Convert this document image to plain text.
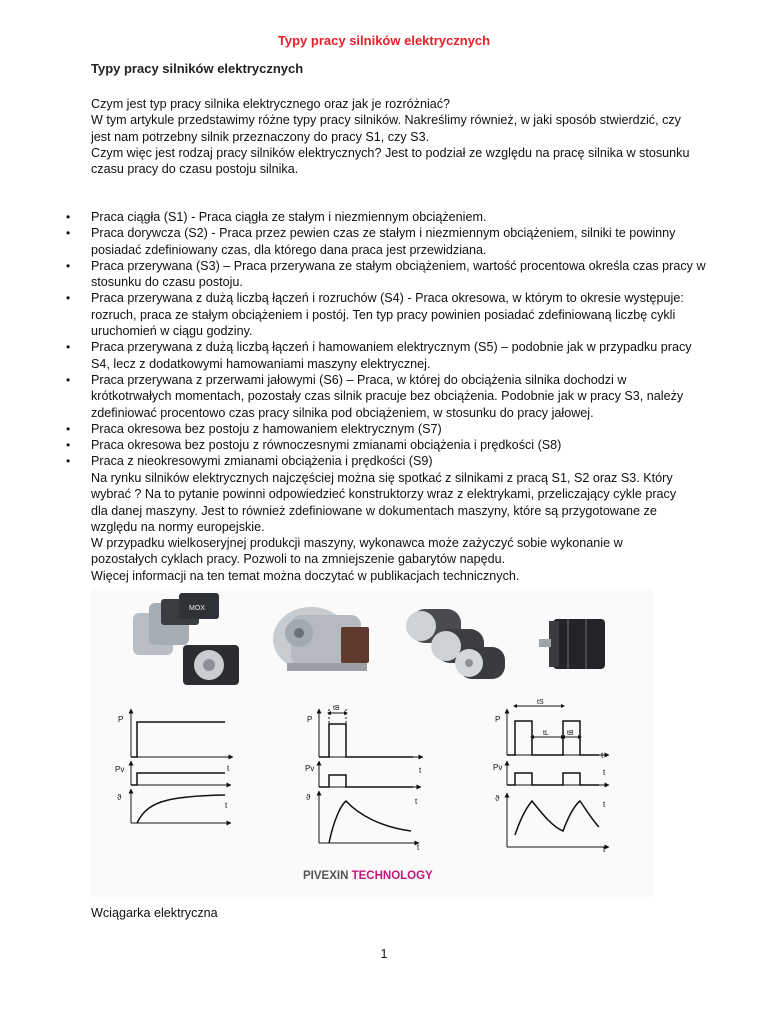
Typy pracy silników elektrycznych
Typy pracy silników elektrycznych

Czym jest typ pracy silnika elektrycznego oraz jak je rozróżniać?

W tym artykule przedstawimy różne typy pracy silników. Nakreślimy również, w jaki sposób stwierdzić, czy jest nam potrzebny silnik przeznaczony do pracy S1, czy S3.

Czym więc jest rodzaj pracy silników elektrycznych? Jest to podział ze względu na pracę silnika w stosunku czasu pracy do czasu postoju silnika.

• Praca ciągła (S1) - Praca ciągła ze stałym i niezmiennym obciążeniem.
• Praca dorywcza (S2) - Praca przez pewien czas ze stałym i niezmiennym obciążeniem, silniki te powinny posiadać zdefiniowany czas, dla którego dana praca jest przewidziana.
• Praca przerywana (S3) – Praca przerywana ze stałym obciążeniem, wartość procentowa określa czas pracy w stosunku do czasu postoju.
• Praca przerywana z dużą liczbą łączeń i rozruchów (S4) - Praca okresowa, w którym to okresie występuje: rozruch, praca ze stałym obciążeniem i postój. Ten typ pracy powinien posiadać zdefiniowaną liczbę cykli uruchomień w ciągu godziny.
• Praca przerywana z dużą liczbą łączeń i hamowaniem elektrycznym (S5) – podobnie jak w przypadku pracy S4, lecz z dodatkowymi hamowaniami maszyny elektrycznej.
• Praca przerywana z przerwami jałowymi (S6) – Praca, w której do obciążenia silnika dochodzi w krótkotrwałych momentach, pozostały czas silnik pracuje bez obciążenia. Podobnie jak w pracy S3, należy zdefiniować procentowo czas pracy silnika pod obciążeniem, w stosunku do pracy jałowej.
• Praca okresowa bez postoju z hamowaniem elektrycznym (S7)
• Praca okresowa bez postoju z równoczesnymi zmianami obciążenia i prędkości (S8)
• Praca z nieokresowymi zmianami obciążenia i prędkości (S9)

Na rynku silników elektrycznych najczęściej można się spotkać z silnikami z pracą S1, S2 oraz S3. Który wybrać ? Na to pytanie powinni odpowiedzieć konstruktorzy wraz z elektrykami, przeliczający cykle pracy dla danej maszyny. Jest to również zdefiniowane w dokumentach maszyny, które są przygotowane ze względu na normy europejskie.

W przypadku wielkoseryjnej produkcji maszyny, wykonawca może zażyczyć sobie wykonanie w pozostałych cyklach pracy. Pozwoli to na zmniejszenie gabarytów napędu.

Więcej informacji na ten temat można doczytać w publikacjach technicznych.

MOX
P
Pv
ϑ
t
t
P
Pv
ϑ
t
t
t
P
Pv
ϑ
t
t
t
t
tB
tS
tL	tB
PIVEXIN TECHNOLOGY
Wciągarka elektryczna
1
